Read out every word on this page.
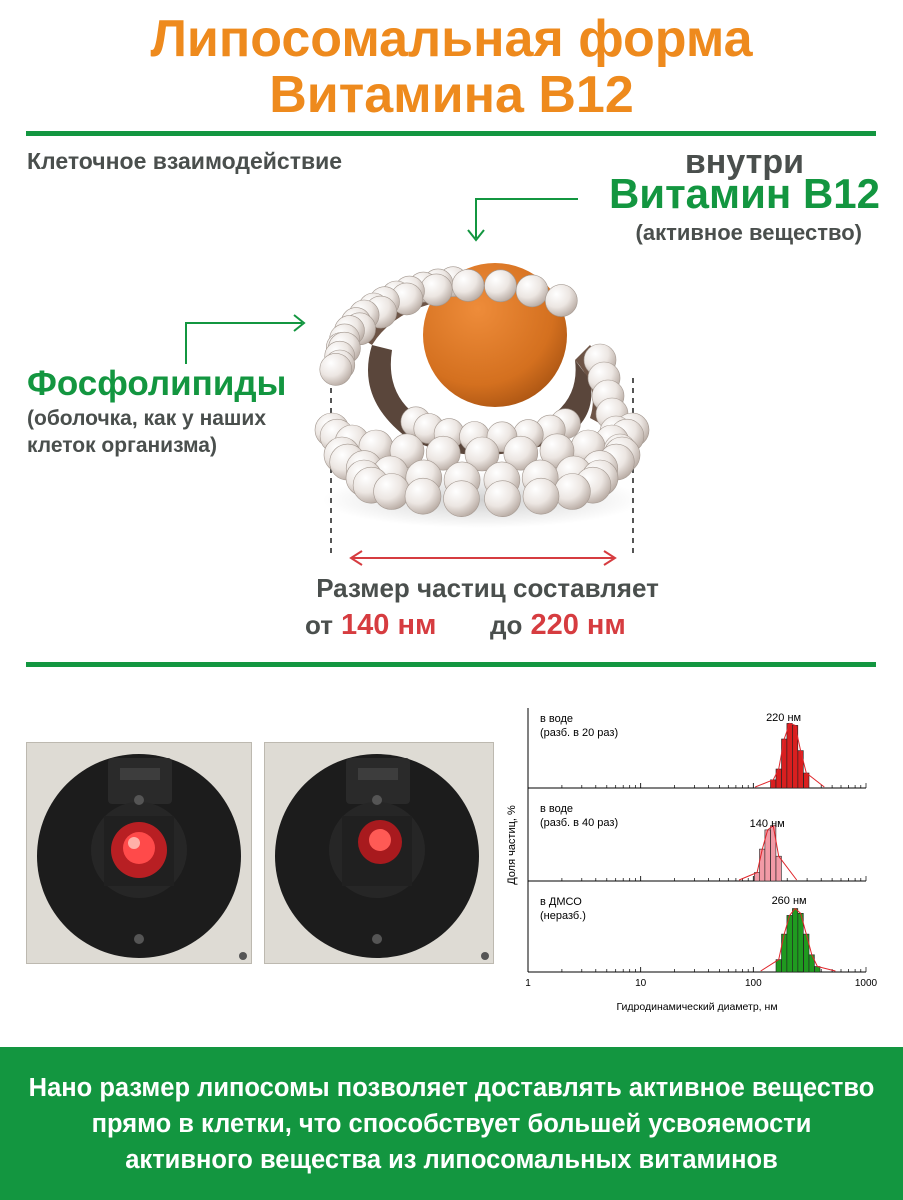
Липосомальная форма
Витамина B12
Клеточное взаимодействие	внутри
Витамин B12
(активное вещество)
Фосфолипиды
(оболочка, как у наших
клеток организма)
Размер частиц составляет
от 140 нм до 220 нм
в воде
(разб. в 20 раз)
220 нм
в воде
(разб. в 40 раз)	140 нм
в ДМСО
(неразб.)
260 нм
1	10	100	1000
Гидродинамический диаметр, нм
Доля частиц, %
Нано размер липосомы позволяет доставлять активное вещество
прямо в клетки, что способствует большей усвояемости
активного вещества из липосомальных витаминов
